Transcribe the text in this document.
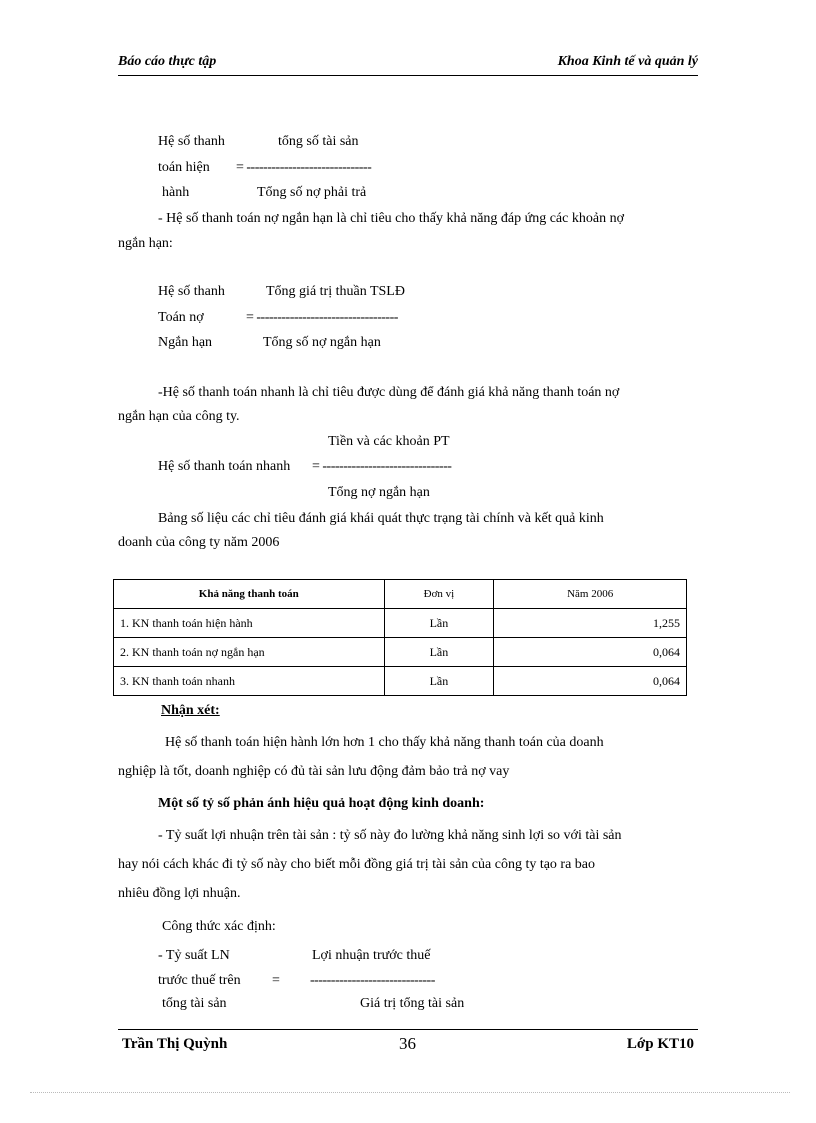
Báo cáo thực tập	Khoa Kinh tế và quản lý
Hệ số thanh	tổng số tài sản
toán hiện = ------------------------------
hành	Tổng số nợ phải trả
- Hệ số thanh toán nợ ngắn hạn là chỉ tiêu cho thấy khả năng đáp ứng các khoản nợ
ngắn hạn:
Hệ số thanh	Tổng giá trị thuần TSLĐ
Toán nợ	= ----------------------------------
Ngắn hạn	Tổng số nợ ngắn hạn
-Hệ số thanh toán nhanh là chỉ tiêu được dùng để đánh giá khả năng thanh toán nợ
ngắn hạn của công ty.
Tiền và các khoản PT
Hệ số thanh toán nhanh = -------------------------------
Tổng nợ ngắn hạn
Bảng số liệu các chỉ tiêu đánh giá khái quát thực trạng tài chính và kết quả kinh
doanh của công ty năm 2006
Khả năng thanh toán	Đơn vị	Năm 2006
1. KN thanh toán hiện hành	Lần	1,255
2. KN thanh toán nợ ngắn hạn	Lần	0,064
3. KN thanh toán nhanh	Lần	0,064
Nhận xét:
Hệ số thanh toán hiện hành lớn hơn 1 cho thấy khả năng thanh toán của doanh
nghiệp là tốt, doanh nghiệp có đủ tài sản lưu động đảm bảo trả nợ vay
Một số tỷ số phản ánh hiệu quả hoạt động kinh doanh:
- Tỷ suất lợi nhuận trên tài sản : tỷ số này đo lường khả năng sinh lợi so với tài sản
hay nói cách khác đi tỷ số này cho biết mỗi đồng giá trị tài sản của công ty tạo ra bao
nhiêu đồng lợi nhuận.
Công thức xác định:
- Tỷ suất LN	Lợi nhuận trước thuế
trước thuế trên = ------------------------------
tổng tài sản	Giá trị tổng tài sản
Trần Thị Quỳnh	36	Lớp KT10
